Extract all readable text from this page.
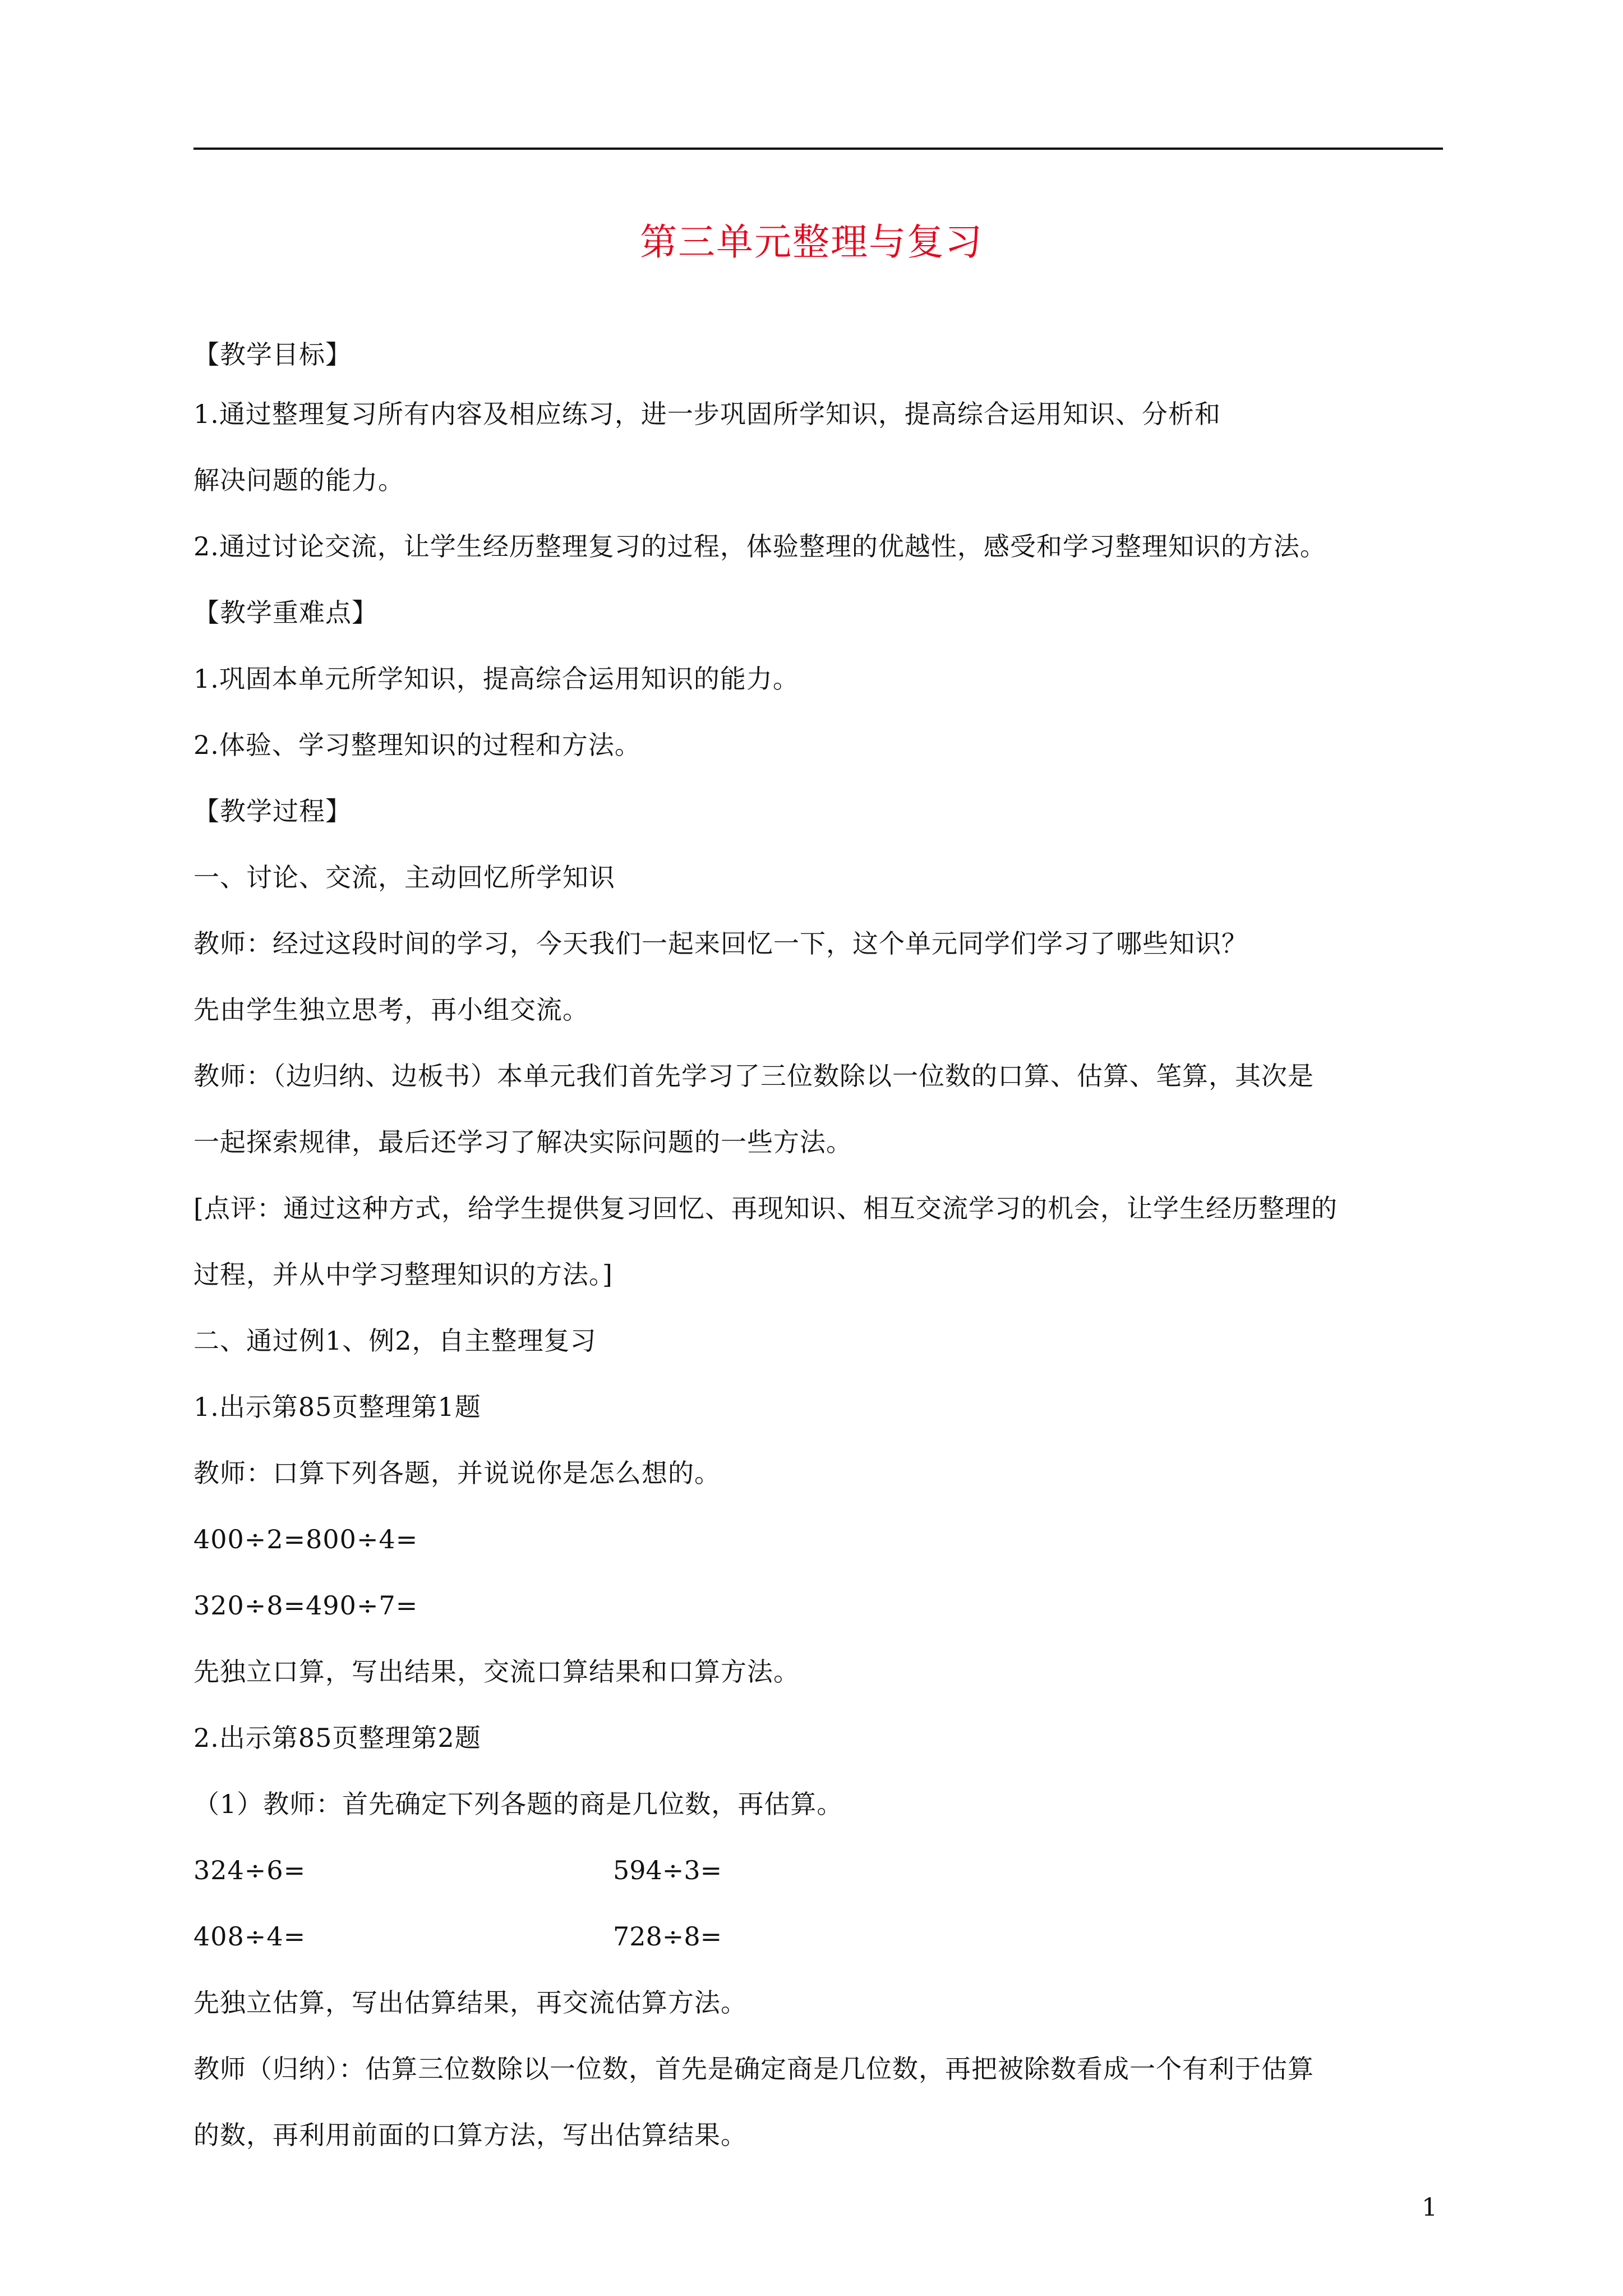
第三单元整理与复习
【教学目标】
1.通过整理复习所有内容及相应练习，进一步巩固所学知识，提高综合运用知识、分析和
解决问题的能力。
2.通过讨论交流，让学生经历整理复习的过程，体验整理的优越性，感受和学习整理知识的方法。
【教学重难点】
1.巩固本单元所学知识，提高综合运用知识的能力。
2.体验、学习整理知识的过程和方法。
【教学过程】
一、讨论、交流，主动回忆所学知识
教师：经过这段时间的学习，今天我们一起来回忆一下，这个单元同学们学习了哪些知识？
先由学生独立思考，再小组交流。
教师：（边归纳、边板书）本单元我们首先学习了三位数除以一位数的口算、估算、笔算，其次是
一起探索规律，最后还学习了解决实际问题的一些方法。
[点评：通过这种方式，给学生提供复习回忆、再现知识、相互交流学习的机会，让学生经历整理的
过程，并从中学习整理知识的方法。]
二、通过例1、例2，自主整理复习
1.出示第85页整理第1题
教师：口算下列各题，并说说你是怎么想的。
400÷2=800÷4=
320÷8=490÷7=
先独立口算，写出结果，交流口算结果和口算方法。
2.出示第85页整理第2题
（1）教师：首先确定下列各题的商是几位数，再估算。
324÷6=	594÷3=
408÷4=	728÷8=
先独立估算，写出估算结果，再交流估算方法。
教师（归纳）：估算三位数除以一位数，首先是确定商是几位数，再把被除数看成一个有利于估算
的数，再利用前面的口算方法，写出估算结果。
1
